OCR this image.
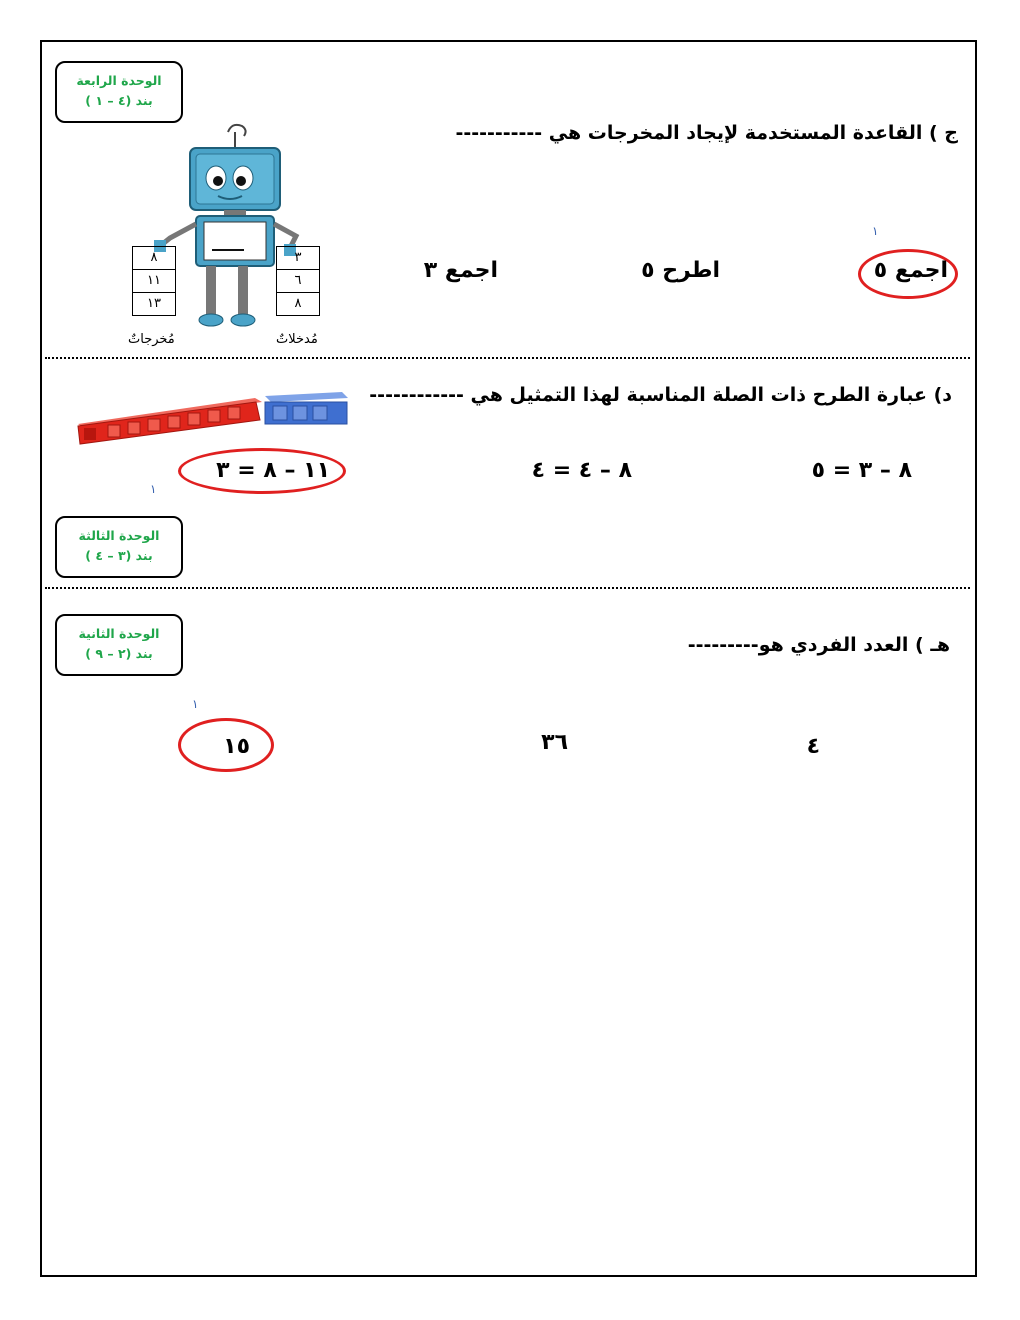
الوحدة الرابعة
بند (٤ – ١ )
ج ) القاعدة المستخدمة لإيجاد المخرجات هي -----------
٨
١١
١٣
مُخرجاتٌ
٣
٦
٨
مُدخلاتٌ
١
اجمع ٥
اطرح ٥
اجمع ٣
د) عبارة الطرح ذات الصلة المناسبة لهذا التمثيل هي ------------
١
٨ – ٣ = ٥
٨ – ٤ = ٤
١١ – ٨ = ٣
الوحدة الثالثة
بند (٣ – ٤ )
الوحدة الثانية
بند (٢ – ٩ )	هـ ) العدد الفردي هو---------
١
٤
٣٦
١٥
